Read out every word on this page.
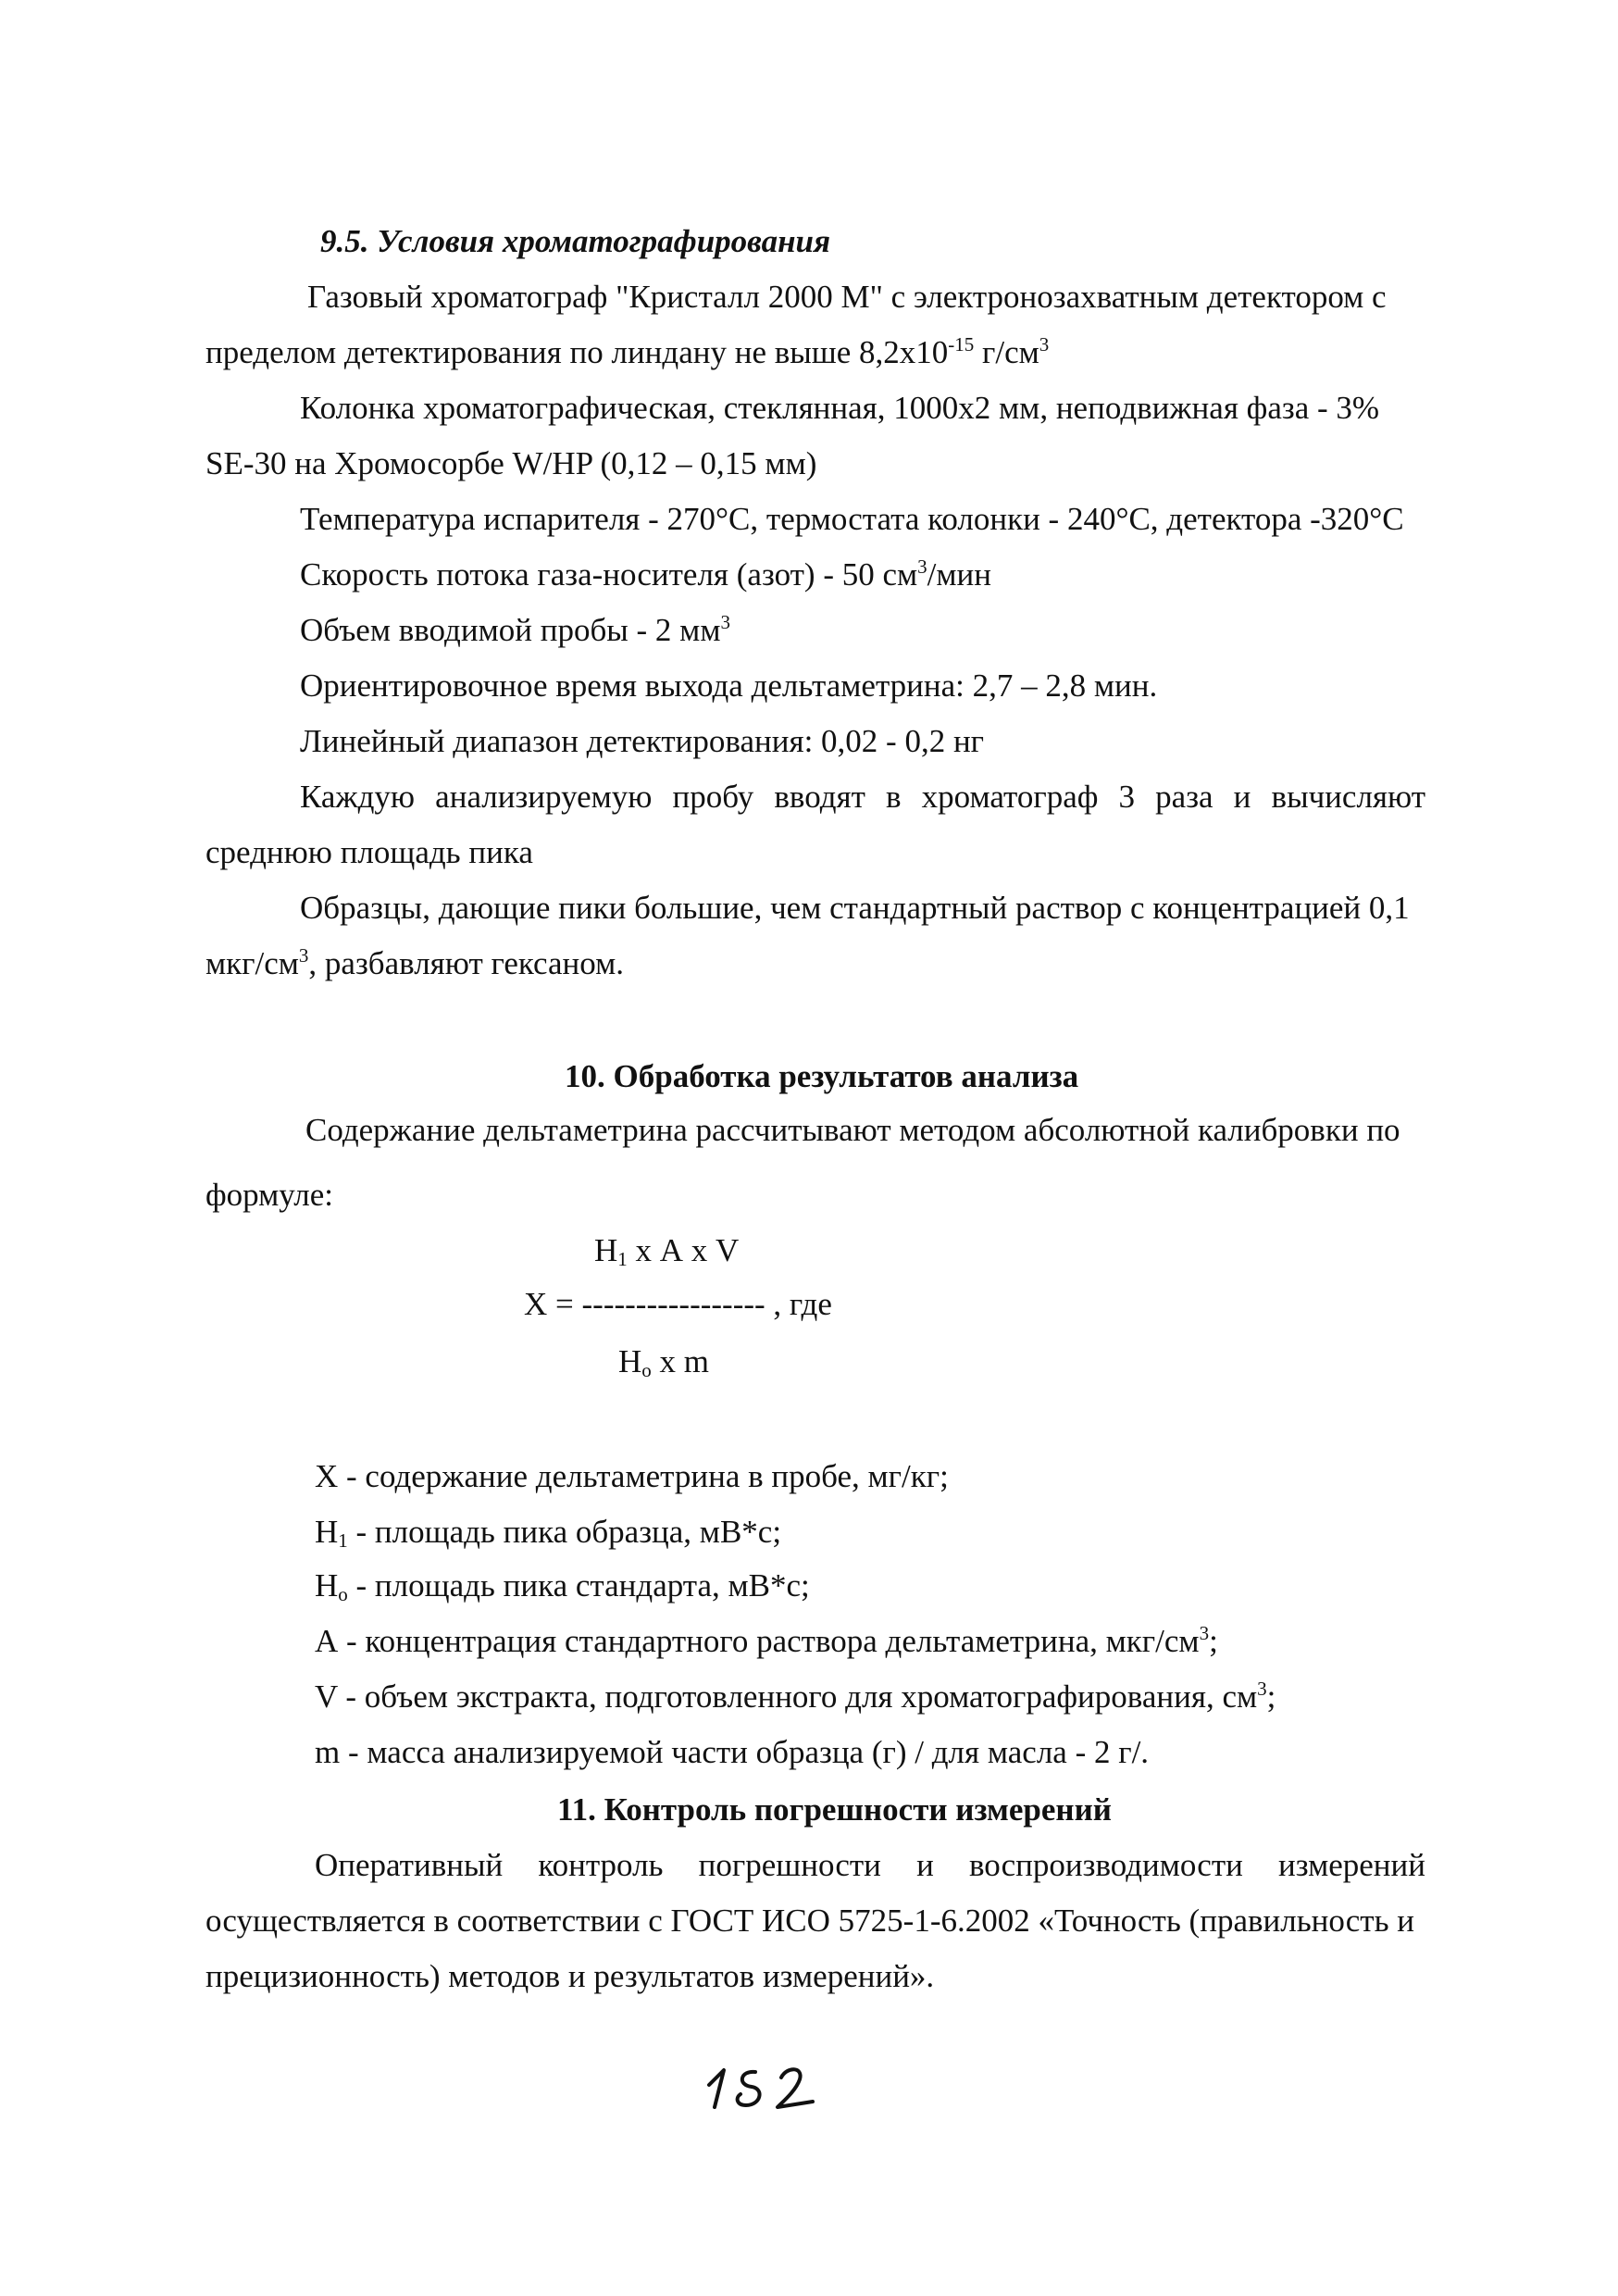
9.5. Условия хроматографирования
Газовый хроматограф "Кристалл 2000 М" с электронозахватным детектором с
пределом детектирования по линдану не выше $8,2х10^{-15}$ $г/см^3$
Колонка хроматографическая, стеклянная, 1000х2 мм, неподвижная фаза - 3%
SE-30 на Хромосорбе W/HP (0,12 – 0,15 мм)
Температура испарителя - 270°С, термостата колонки - 240°С, детектора -320°С
Скорость потока газа-носителя (азот) - 50 $см^3$/мин
Объем вводимой пробы - 2 $мм^3$
Ориентировочное время выхода дельтаметрина: 2,7 – 2,8 мин.
Линейный диапазон детектирования: 0,02 - 0,2 нг
Каждую анализируемую пробу вводят в хроматограф 3 раза и вычисляют
среднюю площадь пика
Образцы, дающие пики большие, чем стандартный раствор с концентрацией 0,1
мкг/$см^3$, разбавляют гексаном.
10. Обработка результатов анализа
Содержание дельтаметрина рассчитывают методом абсолютной калибровки по
формуле:
$H_1$ х А х V
X = ----------------- , где
$H_o$ х m
X - содержание дельтаметрина в пробе, мг/кг;
$H_1$ - площадь пика образца, мВ*с;
$H_o$ - площадь пика стандарта, мВ*с;
А - концентрация стандартного раствора дельтаметрина, мкг/$см^3$;
V - объем экстракта, подготовленного для хроматографирования, $см^3$;
m - масса анализируемой части образца (г) / для масла - 2 г/.
11. Контроль погрешности измерений
Оперативный контроль погрешности и воспроизводимости измерений
осуществляется в соответствии с ГОСТ ИСО 5725-1-6.2002 «Точность (правильность и
прецизионность) методов и результатов измерений».
